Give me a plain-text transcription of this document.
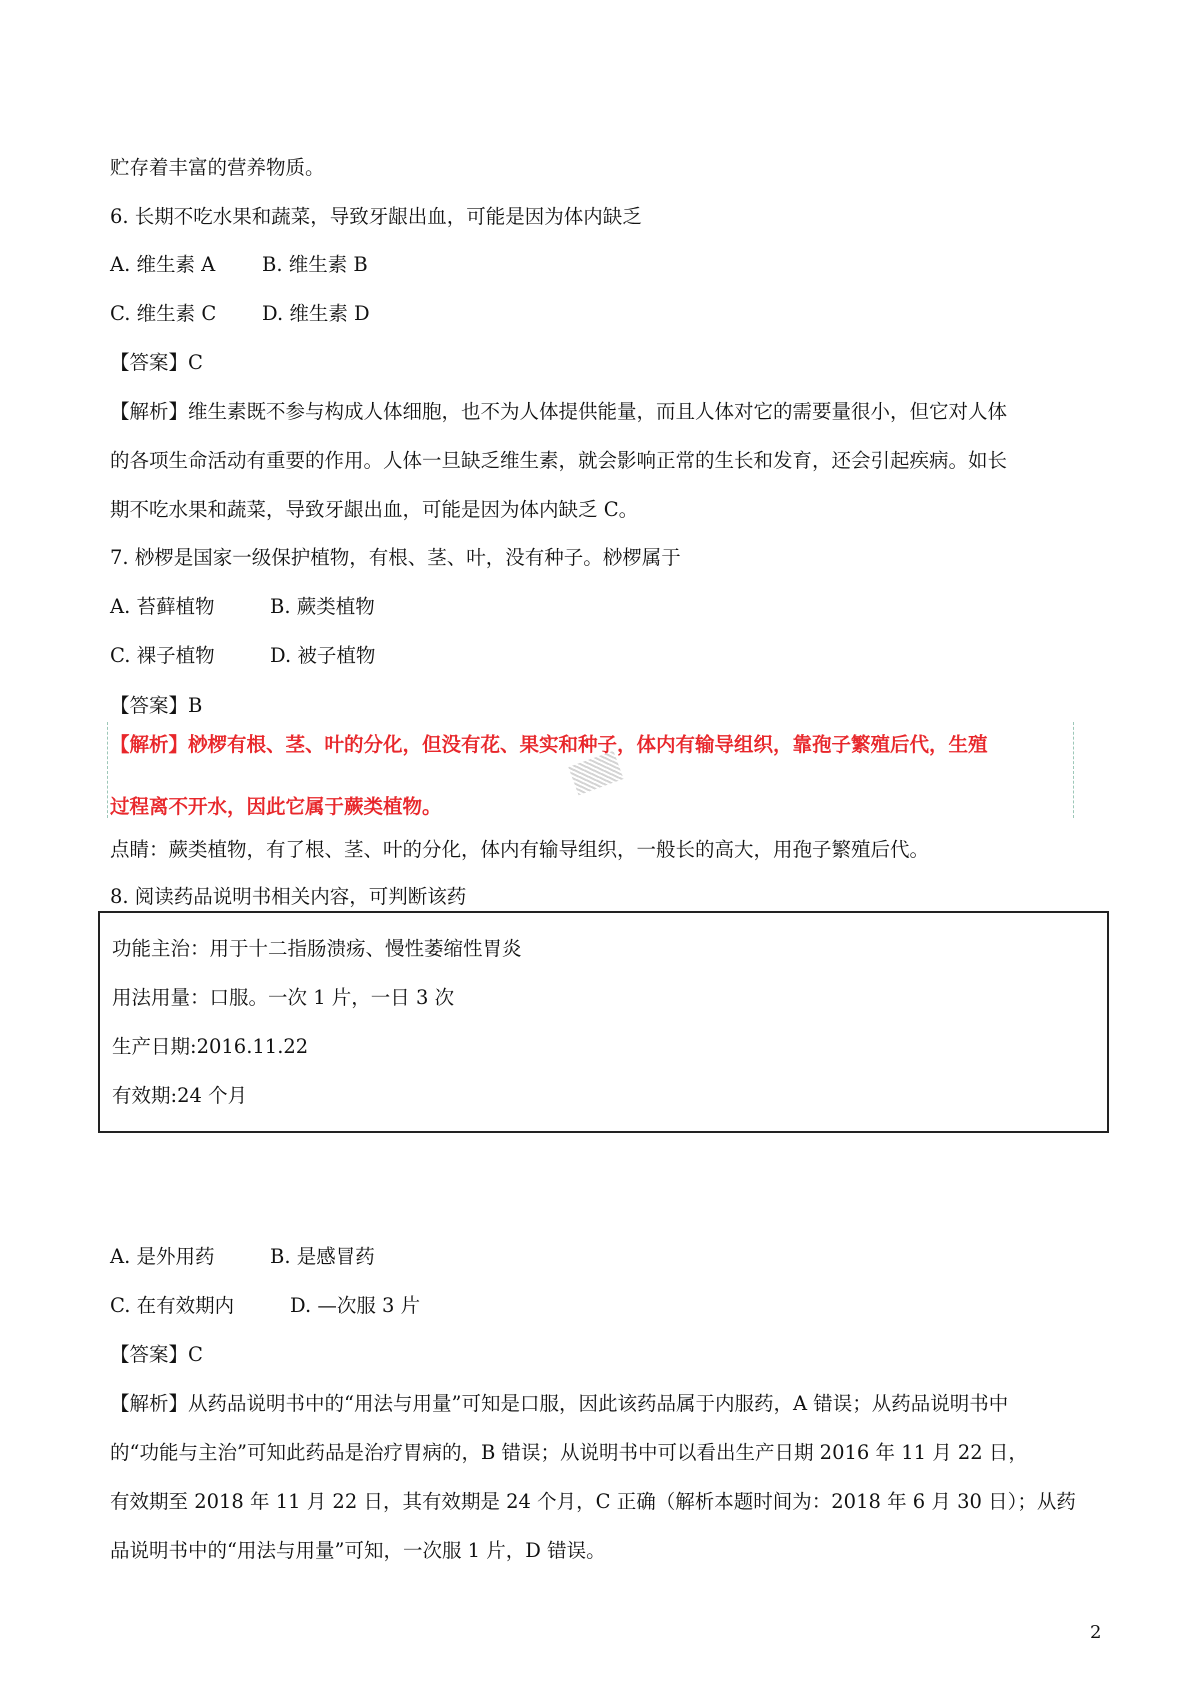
贮存着丰富的营养物质。
6. 长期不吃水果和蔬菜，导致牙龈出血，可能是因为体内缺乏
A. 维生素 A B. 维生素 B
C. 维生素 C D. 维生素 D
【答案】C
【解析】维生素既不参与构成人体细胞，也不为人体提供能量，而且人体对它的需要量很小，但它对人体
的各项生命活动有重要的作用。人体一旦缺乏维生素，就会影响正常的生长和发育，还会引起疾病。如长
期不吃水果和蔬菜，导致牙龈出血，可能是因为体内缺乏 C。
7. 桫椤是国家一级保护植物，有根、茎、叶，没有种子。桫椤属于
A. 苔藓植物	B. 蕨类植物
C. 裸子植物	D. 被子植物
【答案】B
【解析】桫椤有根、茎、叶的分化，但没有花、果实和种子，体内有输导组织，靠孢子繁殖后代，生殖
过程离不开水，因此它属于蕨类植物。
点睛：蕨类植物，有了根、茎、叶的分化，体内有输导组织，一般长的高大，用孢子繁殖后代。
8. 阅读药品说明书相关内容，可判断该药
功能主治：用于十二指肠溃疡、慢性萎缩性胃炎
用法用量：口服。一次 1 片，一日 3 次
生产日期:2016.11.22
有效期:24 个月
A. 是外用药	B. 是感冒药
C. 在有效期内	D. —次服 3 片
【答案】C
【解析】从药品说明书中的“用法与用量”可知是口服，因此该药品属于内服药，A 错误；从药品说明书中
的“功能与主治”可知此药品是治疗胃病的，B 错误；从说明书中可以看出生产日期 2016 年 11 月 22 日，
有效期至 2018 年 11 月 22 日，其有效期是 24 个月，C 正确（解析本题时间为：2018 年 6 月 30 日）；从药
品说明书中的“用法与用量”可知，一次服 1 片，D 错误。
2
